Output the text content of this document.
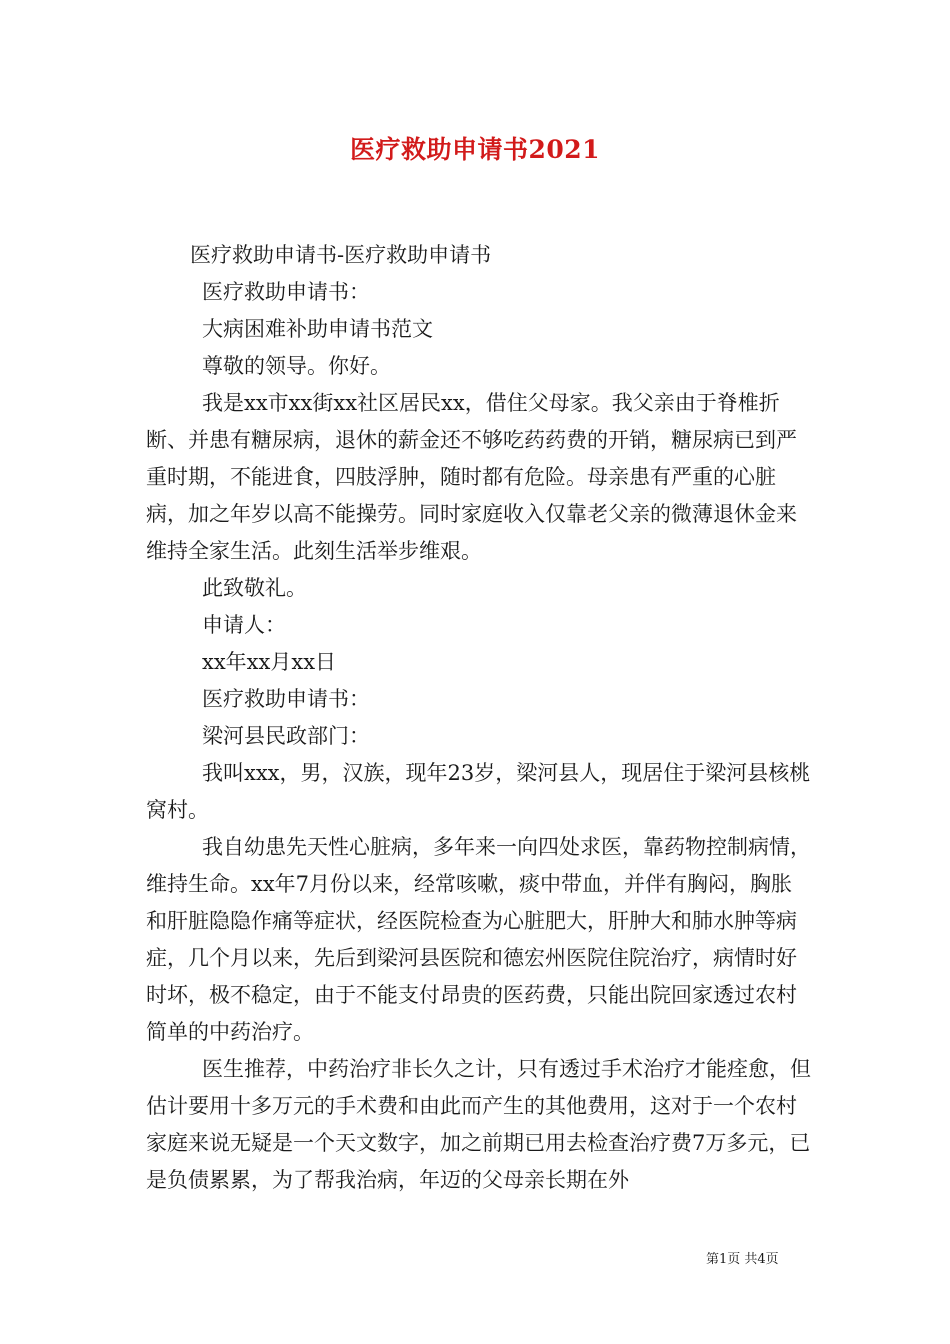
医疗救助申请书2021

医疗救助申请书-医疗救助申请书

医疗救助申请书：

大病困难补助申请书范文

尊敬的领导。你好。

我是xx市xx街xx社区居民xx，借住父母家。我父亲由于脊椎折断、并患有糖尿病，退休的薪金还不够吃药药费的开销，糖尿病已到严重时期，不能进食，四肢浮肿，随时都有危险。母亲患有严重的心脏病，加之年岁以高不能操劳。同时家庭收入仅靠老父亲的微薄退休金来维持全家生活。此刻生活举步维艰。

此致敬礼。

申请人：

xx年xx月xx日

医疗救助申请书：

梁河县民政部门：

我叫xxx，男，汉族，现年23岁，梁河县人，现居住于梁河县核桃窝村。

我自幼患先天性心脏病，多年来一向四处求医，靠药物控制病情，维持生命。xx年7月份以来，经常咳嗽，痰中带血，并伴有胸闷，胸胀和肝脏隐隐作痛等症状，经医院检查为心脏肥大，肝肿大和肺水肿等病症，几个月以来，先后到梁河县医院和德宏州医院住院治疗，病情时好时坏，极不稳定，由于不能支付昂贵的医药费，只能出院回家透过农村简单的中药治疗。

医生推荐，中药治疗非长久之计，只有透过手术治疗才能痊愈，但估计要用十多万元的手术费和由此而产生的其他费用，这对于一个农村家庭来说无疑是一个天文数字，加之前期已用去检查治疗费7万多元，已是负债累累，为了帮我治病，年迈的父母亲长期在外

第1页 共4页
